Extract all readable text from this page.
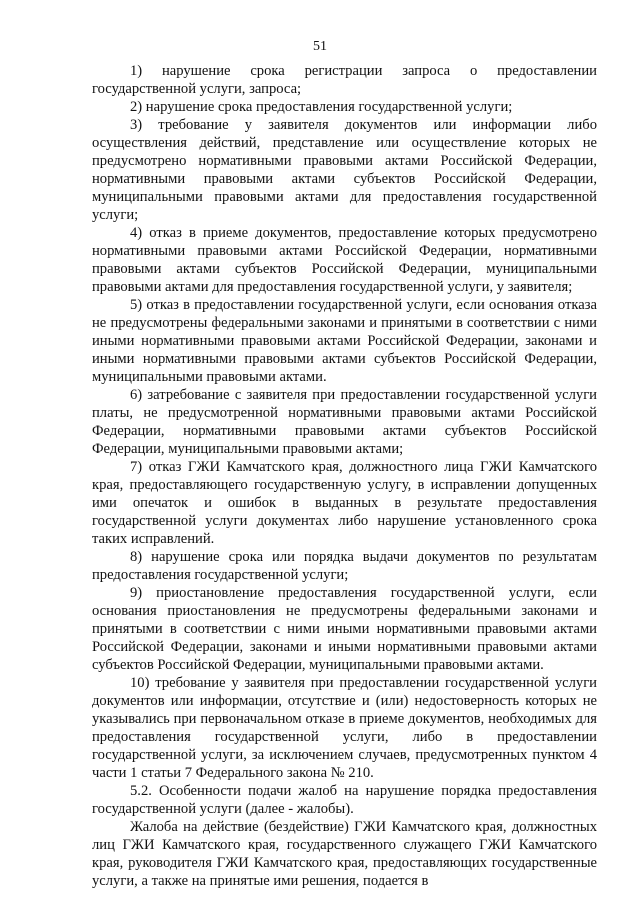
51

1) нарушение срока регистрации запроса о предоставлении государственной услуги, запроса;

2) нарушение срока предоставления государственной услуги;

3) требование у заявителя документов или информации либо осуществления действий, представление или осуществление которых не предусмотрено нормативными правовыми актами Российской Федерации, нормативными правовыми актами субъектов Российской Федерации, муниципальными правовыми актами для предоставления государственной услуги;

4) отказ в приеме документов, предоставление которых предусмотрено нормативными правовыми актами Российской Федерации, нормативными правовыми актами субъектов Российской Федерации, муниципальными правовыми актами для предоставления государственной услуги, у заявителя;

5) отказ в предоставлении государственной услуги, если основания отказа не предусмотрены федеральными законами и принятыми в соответствии с ними иными нормативными правовыми актами Российской Федерации, законами и иными нормативными правовыми актами субъектов Российской Федерации, муниципальными правовыми актами.

6) затребование с заявителя при предоставлении государственной услуги платы, не предусмотренной нормативными правовыми актами Российской Федерации, нормативными правовыми актами субъектов Российской Федерации, муниципальными правовыми актами;

7) отказ ГЖИ Камчатского края, должностного лица ГЖИ Камчатского края, предоставляющего государственную услугу, в исправлении допущенных ими опечаток и ошибок в выданных в результате предоставления государственной услуги документах либо нарушение установленного срока таких исправлений.

8) нарушение срока или порядка выдачи документов по результатам предоставления государственной услуги;

9) приостановление предоставления государственной услуги, если основания приостановления не предусмотрены федеральными законами и принятыми в соответствии с ними иными нормативными правовыми актами Российской Федерации, законами и иными нормативными правовыми актами субъектов Российской Федерации, муниципальными правовыми актами.

10) требование у заявителя при предоставлении государственной услуги документов или информации, отсутствие и (или) недостоверность которых не указывались при первоначальном отказе в приеме документов, необходимых для предоставления государственной услуги, либо в предоставлении государственной услуги, за исключением случаев, предусмотренных пунктом 4 части 1 статьи 7 Федерального закона № 210.

5.2. Особенности подачи жалоб на нарушение порядка предоставления государственной услуги (далее - жалобы).

Жалоба на действие (бездействие) ГЖИ Камчатского края, должностных лиц ГЖИ Камчатского края, государственного служащего ГЖИ Камчатского края, руководителя ГЖИ Камчатского края, предоставляющих государственные услуги, а также на принятые ими решения, подается в
